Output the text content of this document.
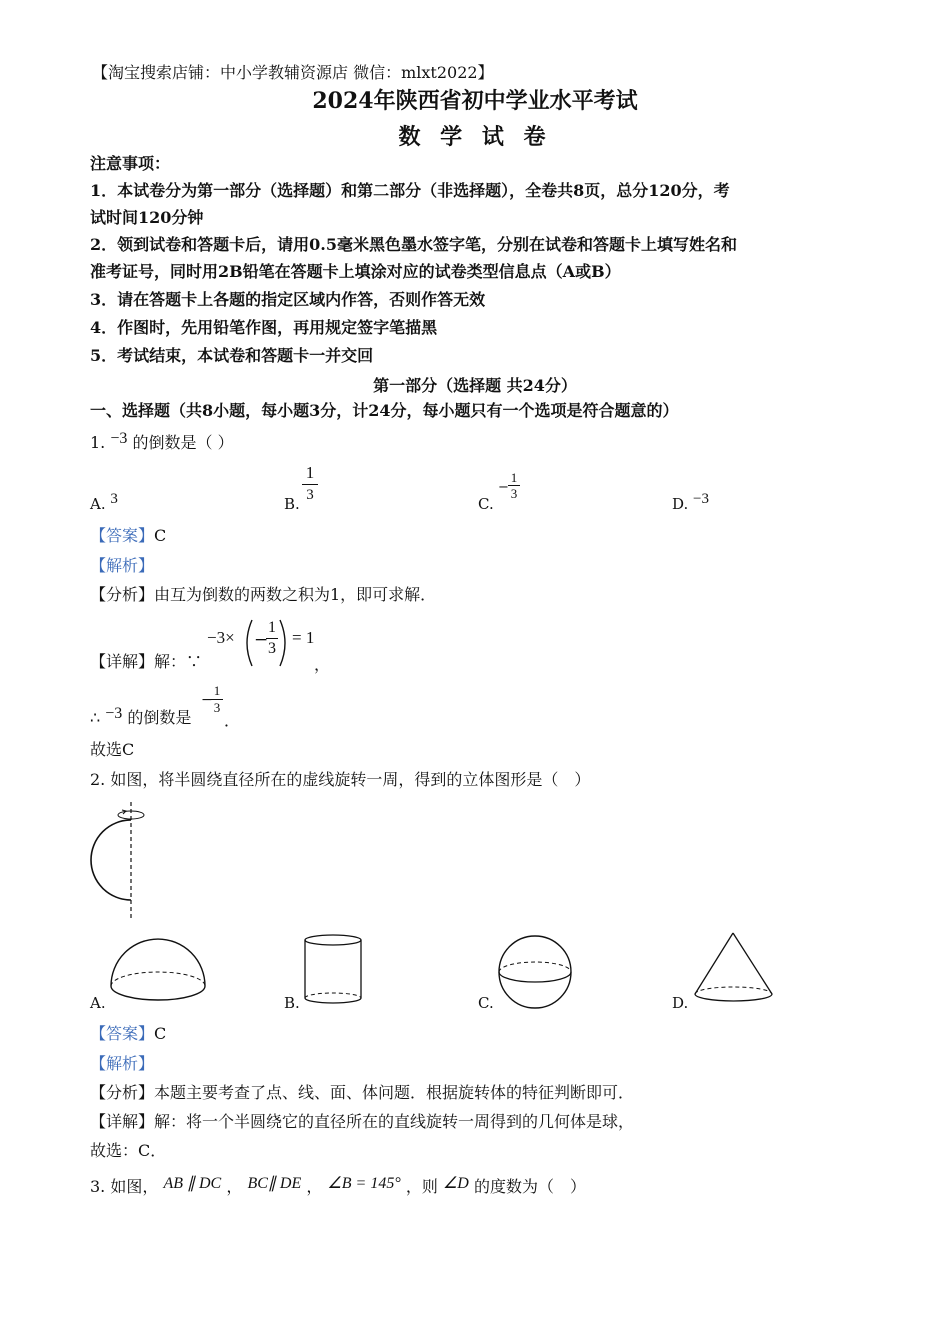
【淘宝搜索店铺：中小学教辅资源店 微信：mlxt2022】
2024年陕西省初中学业水平考试
数 学 试 卷
注意事项：
1．本试卷分为第一部分（选择题）和第二部分（非选择题），全卷共8页，总分120分，考
试时间120分钟
2．领到试卷和答题卡后，请用0.5毫米黑色墨水签字笔，分别在试卷和答题卡上填写姓名和
准考证号，同时用2B铅笔在答题卡上填涂对应的试卷类型信息点（A或B）
3．请在答题卡上各题的指定区域内作答，否则作答无效
4．作图时，先用铅笔作图，再用规定签字笔描黑
5．考试结束，本试卷和答题卡一并交回
第一部分（选择题 共24分）
一、选择题（共8小题，每小题3分，计24分，每小题只有一个选项是符合题意的）
1. −3 的倒数是（ ）
A. 3	B.
1
3	C.
−
1
3
D. −3
【答案】C
【解析】
【分析】由互为倒数的两数之积为1，即可求解．
【详解】解：∵
−3× −
1
3
= 1
，
∴ −3 的倒数是
−
1
3
．
故选C
2. 如图，将半圆绕直径所在的虚线旋转一周，得到的立体图形是（　）
A.	B.	C.	D.
【答案】C
【解析】
【分析】本题主要考查了点、线、面、体问题．根据旋转体的特征判断即可．
【详解】解：将一个半圆绕它的直径所在的直线旋转一周得到的几何体是球，
故选：C．
3. 如图， AB ∥ DC ， BC∥ DE ， ∠B = 145° ，则 ∠D 的度数为（　）
